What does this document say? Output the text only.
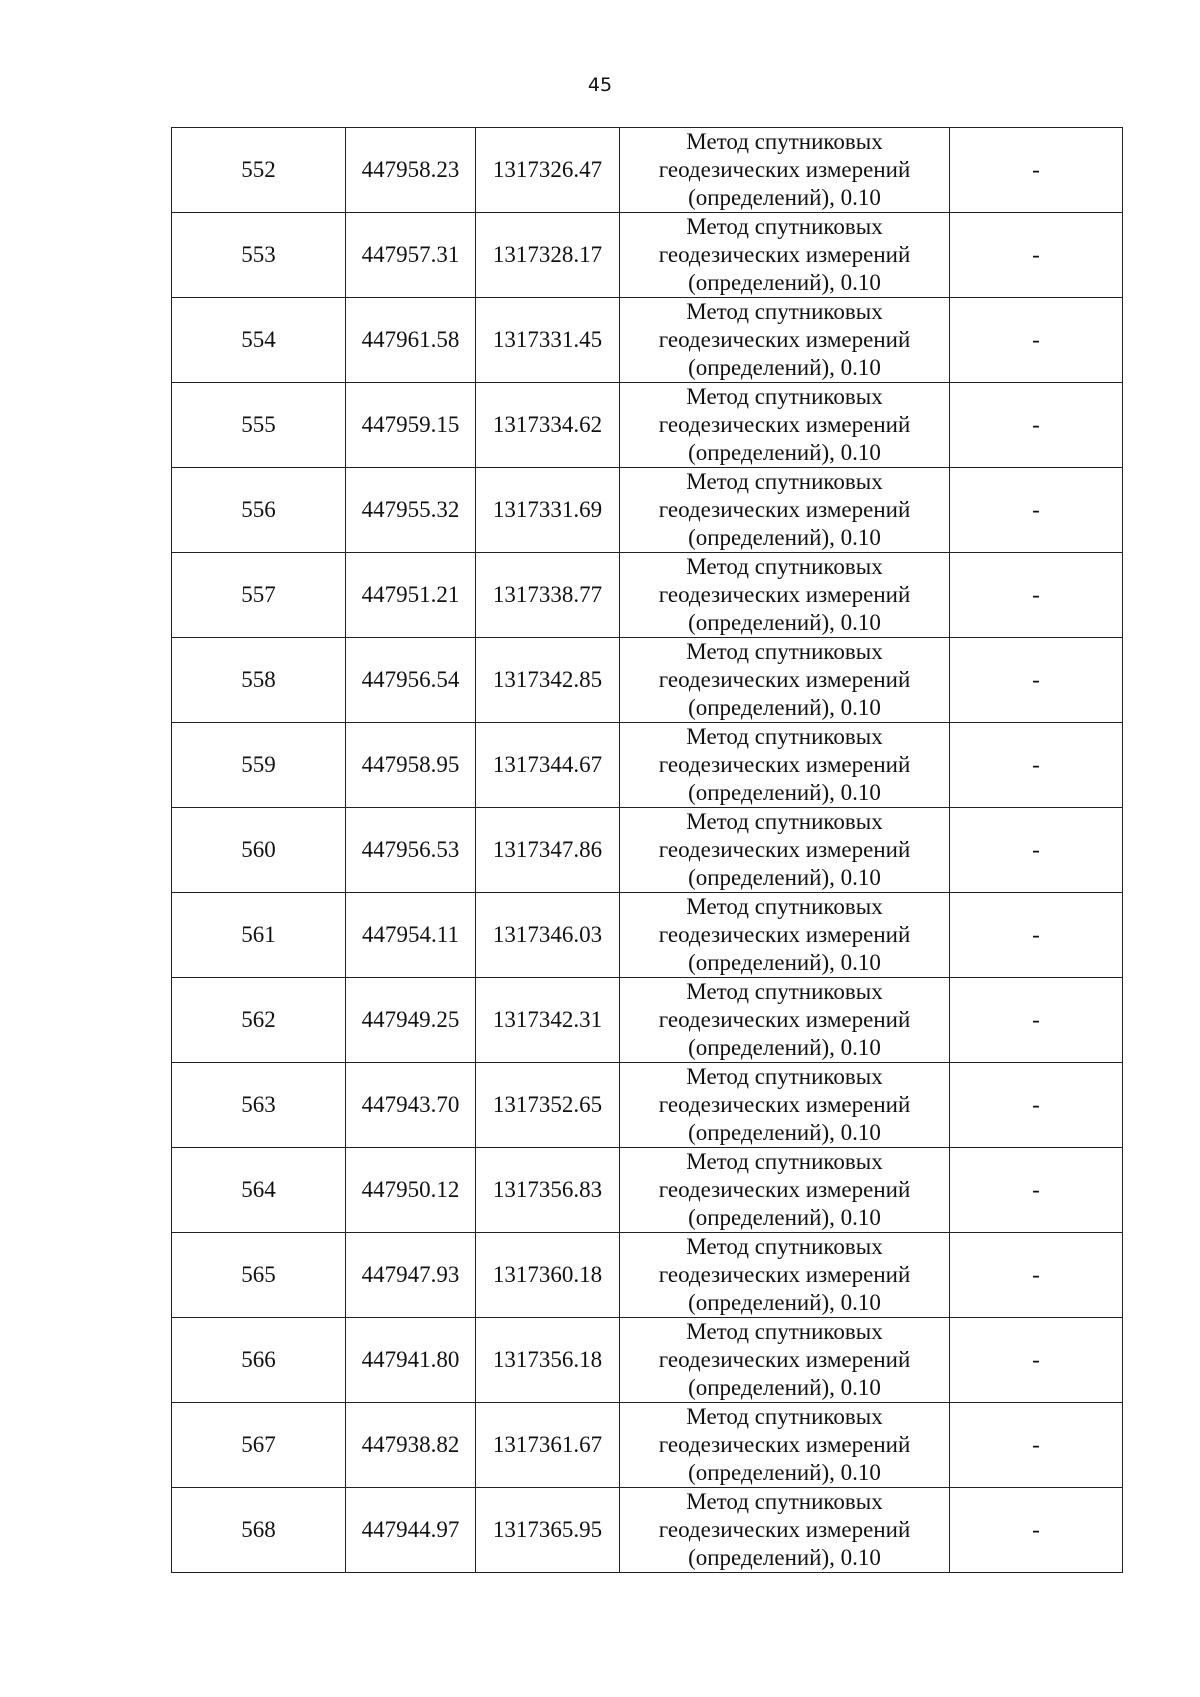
45
552	447958.23	1317326.47	Метод спутниковых
геодезических измерений
(определений), 0.10	-
553	447957.31	1317328.17	Метод спутниковых
геодезических измерений
(определений), 0.10	-
554	447961.58	1317331.45	Метод спутниковых
геодезических измерений
(определений), 0.10	-
555	447959.15	1317334.62	Метод спутниковых
геодезических измерений
(определений), 0.10	-
556	447955.32	1317331.69	Метод спутниковых
геодезических измерений
(определений), 0.10	-
557	447951.21	1317338.77	Метод спутниковых
геодезических измерений
(определений), 0.10	-
558	447956.54	1317342.85	Метод спутниковых
геодезических измерений
(определений), 0.10	-
559	447958.95	1317344.67	Метод спутниковых
геодезических измерений
(определений), 0.10	-
560	447956.53	1317347.86	Метод спутниковых
геодезических измерений
(определений), 0.10	-
561	447954.11	1317346.03	Метод спутниковых
геодезических измерений
(определений), 0.10	-
562	447949.25	1317342.31	Метод спутниковых
геодезических измерений
(определений), 0.10	-
563	447943.70	1317352.65	Метод спутниковых
геодезических измерений
(определений), 0.10	-
564	447950.12	1317356.83	Метод спутниковых
геодезических измерений
(определений), 0.10	-
565	447947.93	1317360.18	Метод спутниковых
геодезических измерений
(определений), 0.10	-
566	447941.80	1317356.18	Метод спутниковых
геодезических измерений
(определений), 0.10	-
567	447938.82	1317361.67	Метод спутниковых
геодезических измерений
(определений), 0.10	-
568	447944.97	1317365.95	Метод спутниковых
геодезических измерений
(определений), 0.10	-
